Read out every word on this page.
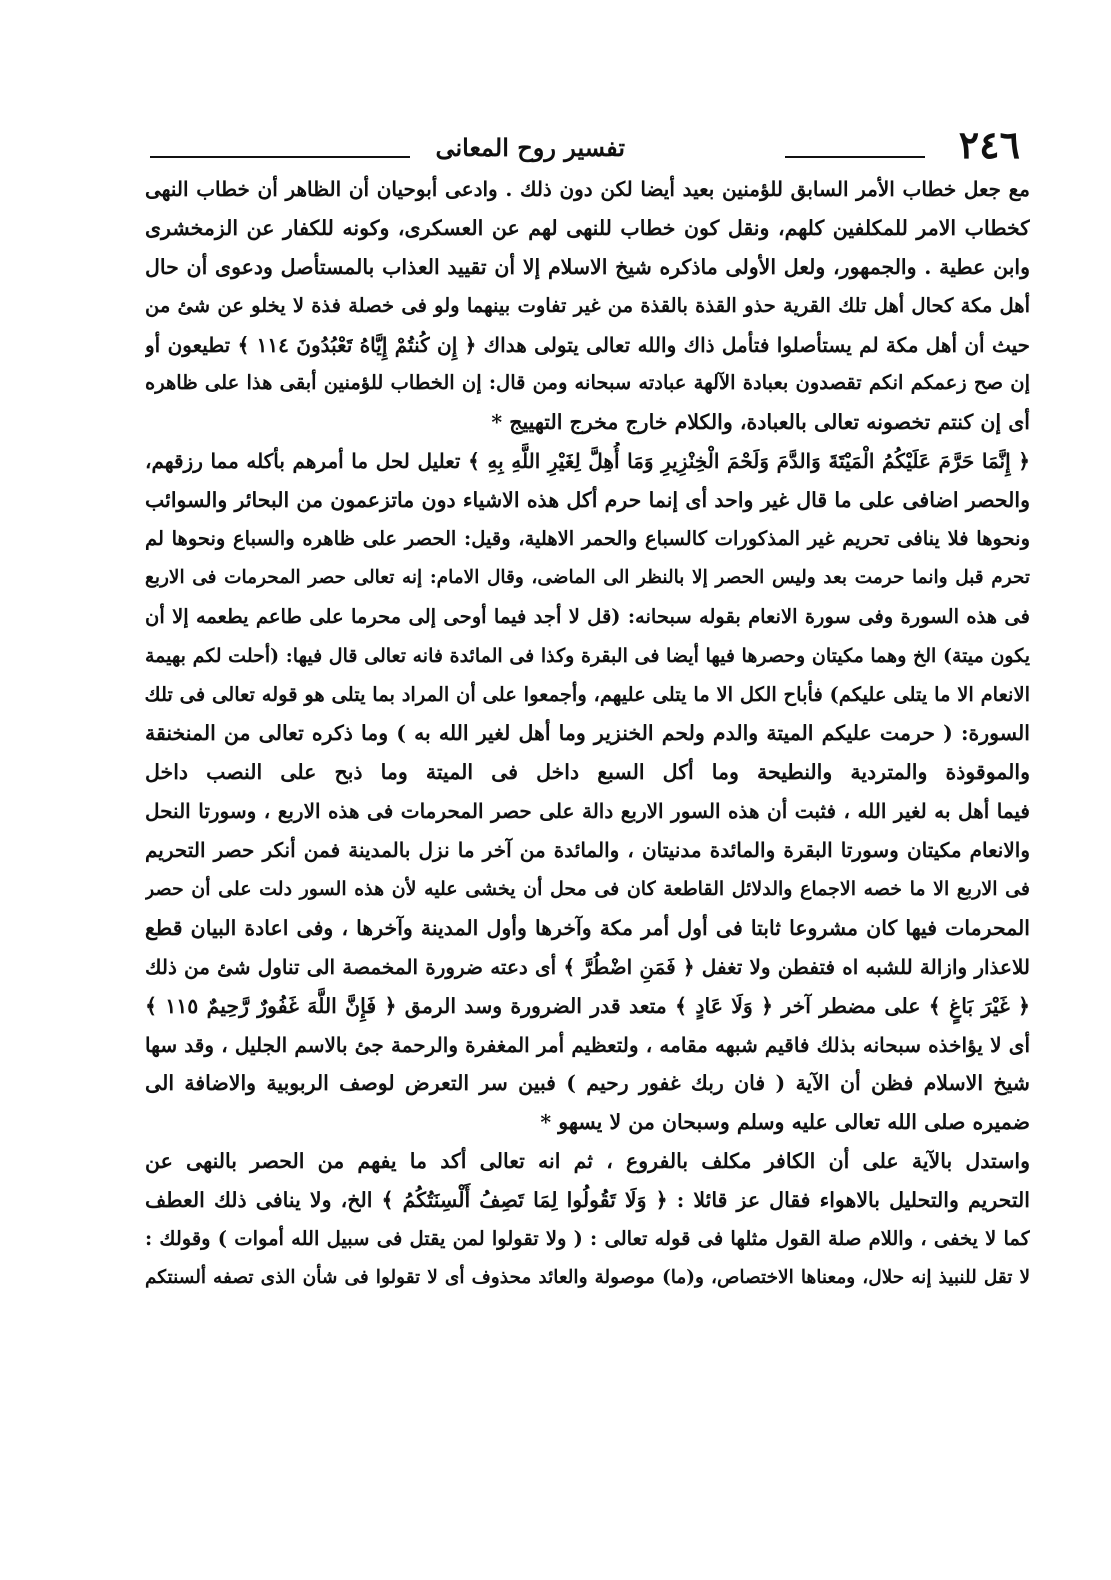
٢٤٦
تفسير روح المعانى
مع جعل خطاب الأمر السابق للؤمنين بعيد أيضا لكن دون ذلك . وادعى أبوحيان أن الظاهر أن خطاب النهى
كخطاب الامر للمكلفين كلهم، ونقل كون خطاب للنهى لهم عن العسكرى، وكونه للكفار عن الزمخشرى
وابن عطية . والجمهور، ولعل الأولى ماذكره شيخ الاسلام إلا أن تقييد العذاب بالمستأصل ودعوى أن حال
أهل مكة كحال أهل تلك القرية حذو القذة بالقذة من غير تفاوت بينهما ولو فى خصلة فذة لا يخلو عن شئ من
حيث أن أهل مكة لم يستأصلوا فتأمل ذاك والله تعالى يتولى هداك ﴿ إِن كُنتُمْ إِيَّاهُ تَعْبُدُونَ ١١٤ ﴾ تطيعون أو
إن صح زعمكم انكم تقصدون بعبادة الآلهة عبادته سبحانه ومن قال: إن الخطاب للؤمنين أبقى هذا على ظاهره
أى إن كنتم تخصونه تعالى بالعبادة، والكلام خارج مخرج التهييج *
﴿ إِنَّمَا حَرَّمَ عَلَيْكُمُ الْمَيْتَةَ وَالدَّمَ وَلَحْمَ الْخِنْزِيرِ وَمَا أُهِلَّ لِغَيْرِ اللَّهِ بِهِ ﴾ تعليل لحل ما أمرهم بأكله مما رزقهم،
والحصر اضافى على ما قال غير واحد أى إنما حرم أكل هذه الاشياء دون ماتزعمون من البحائر والسوائب
ونحوها فلا ينافى تحريم غير المذكورات كالسباع والحمر الاهلية، وقيل: الحصر على ظاهره والسباع ونحوها لم
تحرم قبل وانما حرمت بعد وليس الحصر إلا بالنظر الى الماضى، وقال الامام: إنه تعالى حصر المحرمات فى الاربع
فى هذه السورة وفى سورة الانعام بقوله سبحانه: (قل لا أجد فيما أوحى إلى محرما على طاعم يطعمه إلا أن
يكون ميتة) الخ وهما مكيتان وحصرها فيها أيضا فى البقرة وكذا فى المائدة فانه تعالى قال فيها: (أحلت لكم بهيمة
الانعام الا ما يتلى عليكم) فأباح الكل الا ما يتلى عليهم، وأجمعوا على أن المراد بما يتلى هو قوله تعالى فى تلك
السورة: ( حرمت عليكم الميتة والدم ولحم الخنزير وما أهل لغير الله به ) وما ذكره تعالى من المنخنقة
والموقوذة والمتردية والنطيحة وما أكل السبع داخل فى الميتة وما ذبح على النصب داخل
فيما أهل به لغير الله ، فثبت أن هذه السور الاربع دالة على حصر المحرمات فى هذه الاربع ، وسورتا النحل
والانعام مكيتان وسورتا البقرة والمائدة مدنيتان ، والمائدة من آخر ما نزل بالمدينة فمن أنكر حصر التحريم
فى الاربع الا ما خصه الاجماع والدلائل القاطعة كان فى محل أن يخشى عليه لأن هذه السور دلت على أن حصر
المحرمات فيها كان مشروعا ثابتا فى أول أمر مكة وآخرها وأول المدينة وآخرها ، وفى اعادة البيان قطع
للاعذار وازالة للشبه اه فتفطن ولا تغفل ﴿ فَمَنِ اضْطُرَّ ﴾ أى دعته ضرورة المخمصة الى تناول شئ من ذلك
﴿ غَيْرَ بَاغٍ ﴾ على مضطر آخر ﴿ وَلَا عَادٍ ﴾ متعد قدر الضرورة وسد الرمق ﴿ فَإِنَّ اللَّهَ غَفُورٌ رَّحِيمٌ ١١٥ ﴾
أى لا يؤاخذه سبحانه بذلك فاقيم شبهه مقامه ، ولتعظيم أمر المغفرة والرحمة جئ بالاسم الجليل ، وقد سها
شيخ الاسلام فظن أن الآية ( فان ربك غفور رحيم ) فبين سر التعرض لوصف الربوبية والاضافة الى
ضميره صلى الله تعالى عليه وسلم وسبحان من لا يسهو *
واستدل بالآية على أن الكافر مكلف بالفروع ، ثم انه تعالى أكد ما يفهم من الحصر بالنهى عن
التحريم والتحليل بالاهواء فقال عز قائلا : ﴿ وَلَا تَقُولُوا لِمَا تَصِفُ أَلْسِنَتُكُمُ ﴾ الخ، ولا ينافى ذلك العطف
كما لا يخفى ، واللام صلة القول مثلها فى قوله تعالى : ( ولا تقولوا لمن يقتل فى سبيل الله أموات ) وقولك :
لا تقل للنبيذ إنه حلال، ومعناها الاختصاص، و(ما) موصولة والعائد محذوف أى لا تقولوا فى شأن الذى تصفه ألسنتكم
